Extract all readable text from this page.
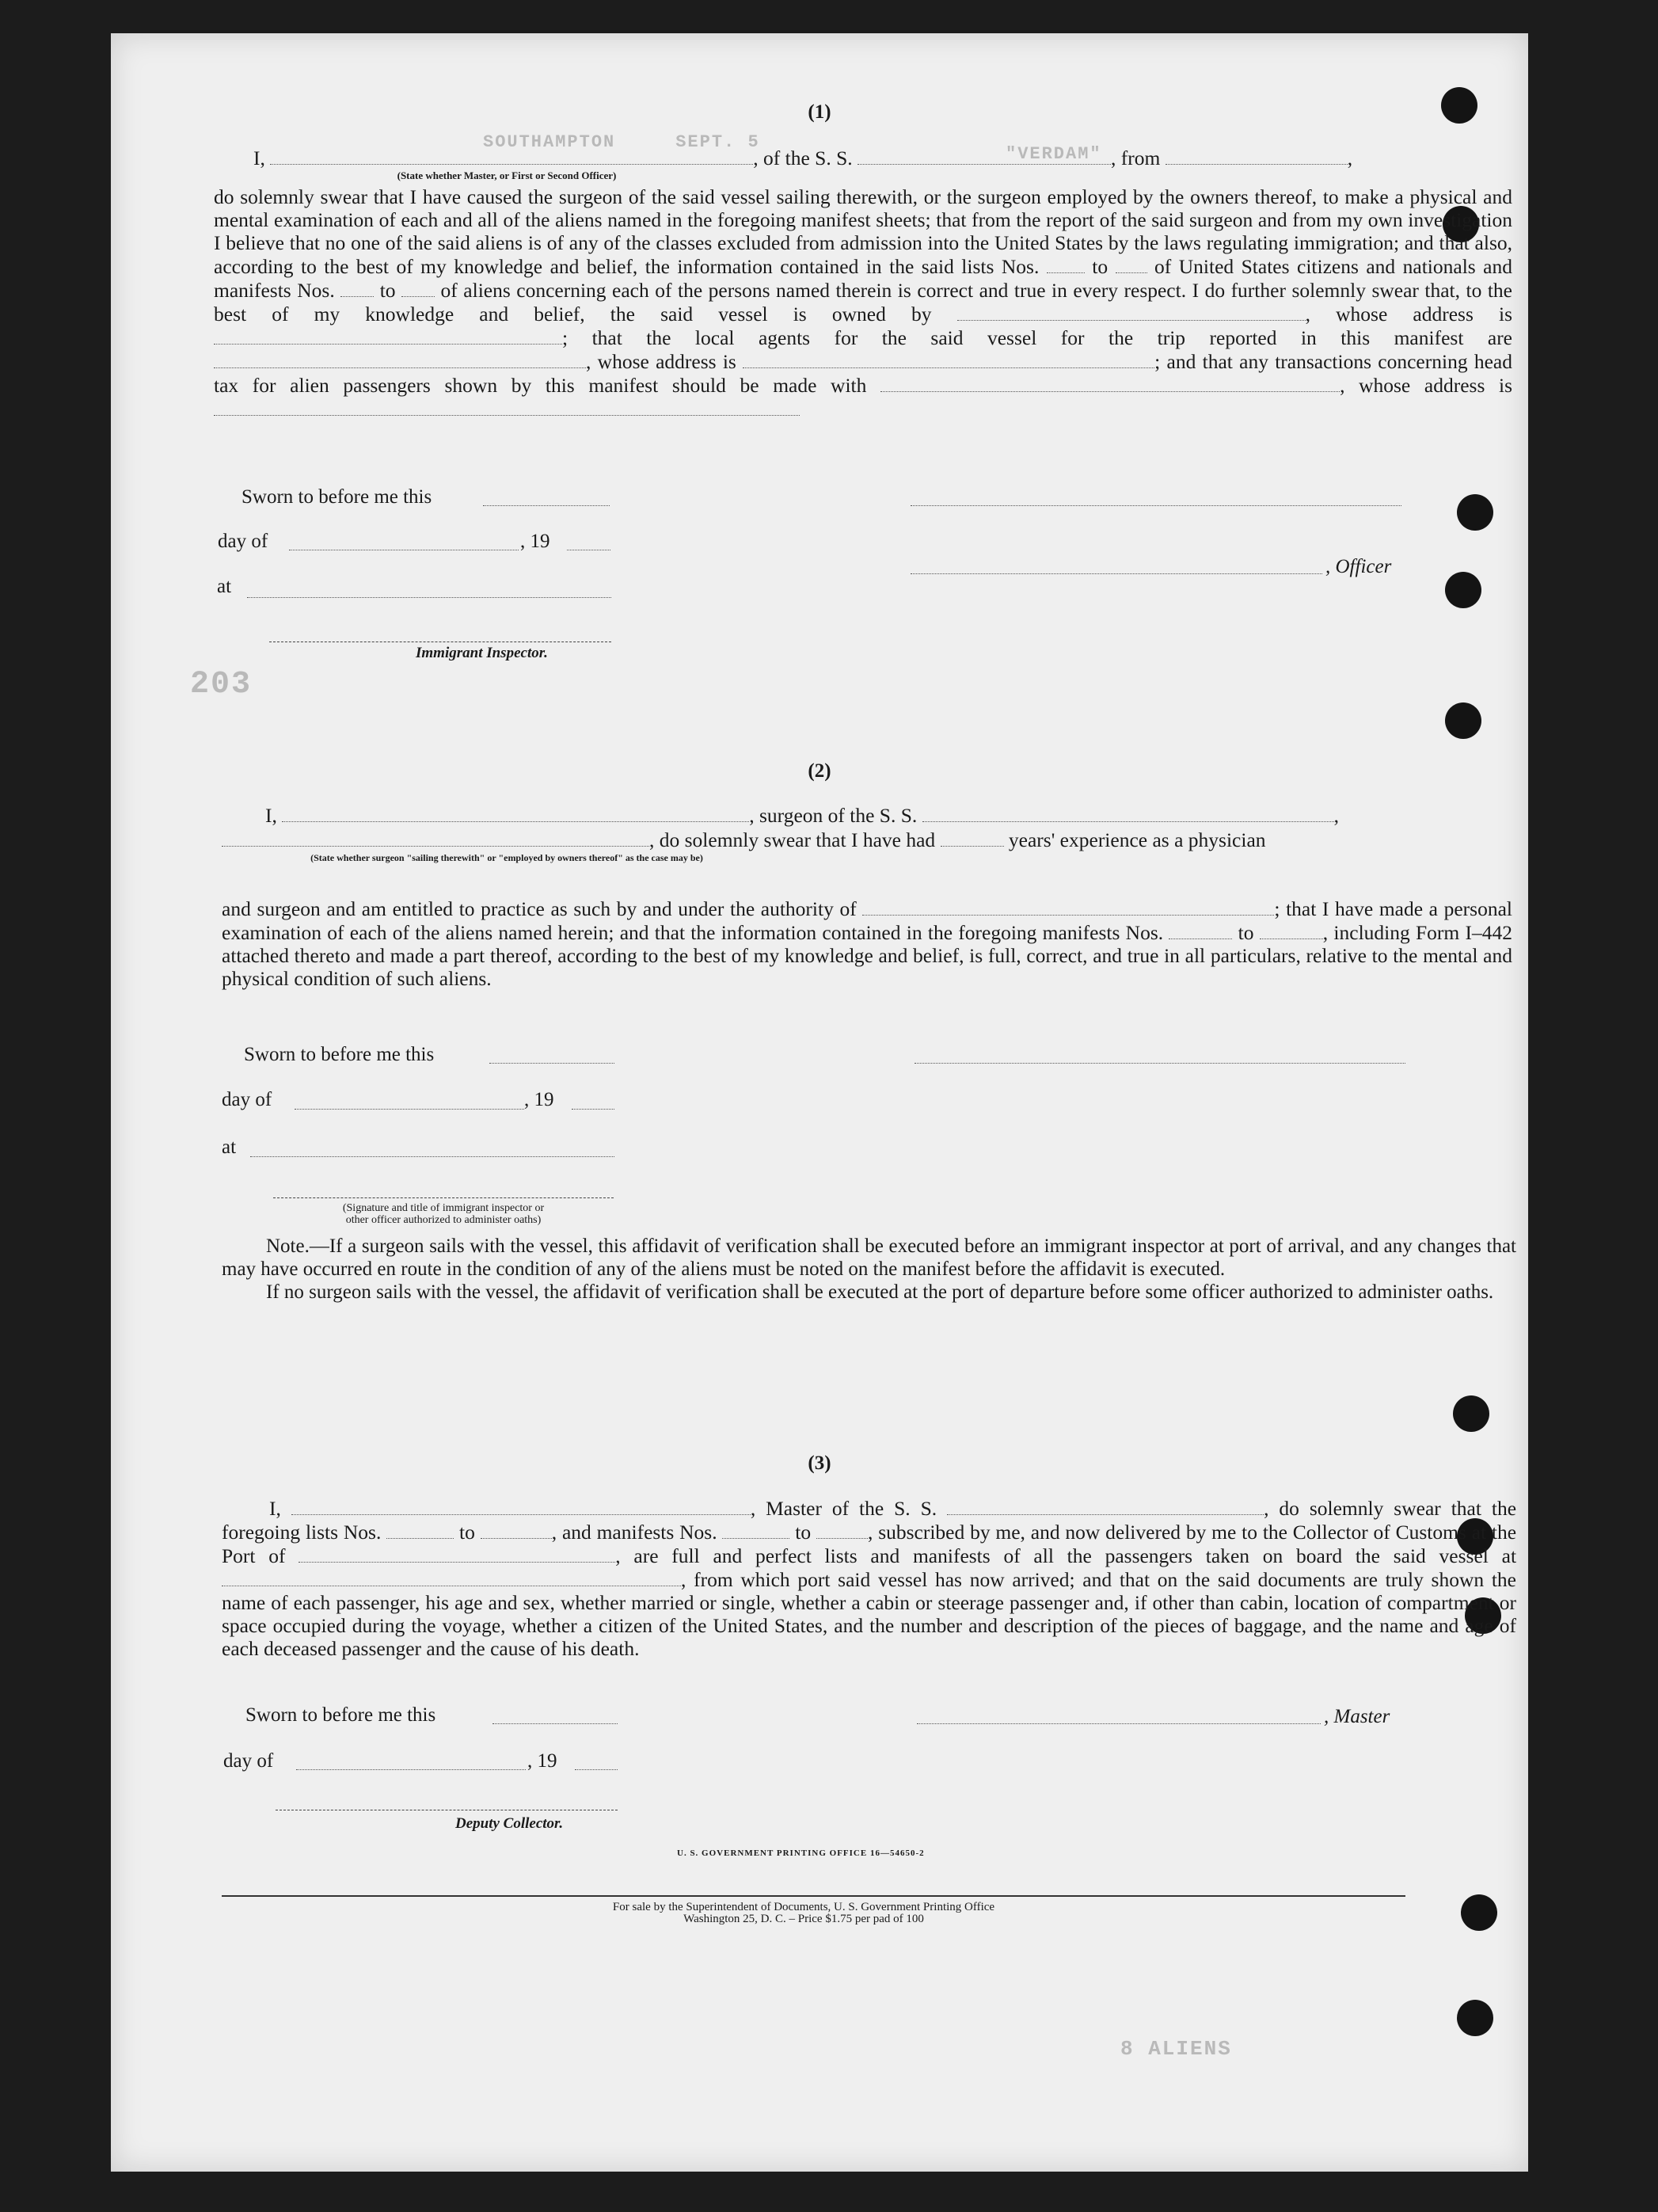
SOUTHAMPTON     SEPT. 5
"VERDAM"
203
8 ALIENS
(1)

I,	, of the S. S.	, from	,

(State whether Master, or First or Second Officer)

do solemnly swear that I have caused the surgeon of the said vessel sailing therewith, or the surgeon employed by the owners thereof, to make a physical and mental examination of each and all of the aliens named in the foregoing manifest sheets; that from the report of the said surgeon and from my own investigation I believe that no one of the said aliens is of any of the classes excluded from admission into the United States by the laws regulating immigration; and that also, according to the best of my knowledge and belief, the information contained in the said lists Nos.	to of United States citizens and nationals and manifests Nos. to of aliens concerning each of the persons named therein is correct and true in every respect. I do further solemnly swear that, to the best of my knowledge and belief, the said vessel is owned by	, whose address is ; that the local agents for the said vessel for the trip reported in this manifest are , whose address is	; and that any transactions concerning head tax for alien passengers shown by this manifest should be made with	, whose address is

Sworn to before me this
day of	, 19
, Officer
at
Immigrant Inspector.
(2)

I,	, surgeon of the S. S.	,

, do solemnly swear that I have had	years' experience as a physician

(State whether surgeon "sailing therewith" or "employed by owners thereof" as the case may be)

and surgeon and am entitled to practice as such by and under the authority of	; that I have made a personal examination of each of the aliens named herein; and that the information contained in the foregoing manifests Nos.	to	, including Form I–442 attached thereto and made a part thereof, according to the best of my knowledge and belief, is full, correct, and true in all particulars, relative to the mental and physical condition of such aliens.

Sworn to before me this
day of	, 19
at
(Signature and title of immigrant inspector or
other officer authorized to administer oaths)

Note.—If a surgeon sails with the vessel, this affidavit of verification shall be executed before an immigrant inspector at port of arrival, and any changes that may have occurred en route in the condition of any of the aliens must be noted on the manifest before the affidavit is executed.

If no surgeon sails with the vessel, the affidavit of verification shall be executed at the port of departure before some officer authorized to administer oaths.

(3)

I,	, Master of the S. S.	, do solemnly swear that the foregoing lists Nos.	to	, and manifests Nos.	to	, subscribed by me, and now delivered by me to the Collector of Customs at the Port of	, are full and perfect lists and manifests of all the passengers taken on board the said vessel at , from which port said vessel has now arrived; and that on the said documents are truly shown the name of each passenger, his age and sex, whether married or single, whether a cabin or steerage passenger and, if other than cabin, location of compartment or space occupied during the voyage, whether a citizen of the United States, and the number and description of the pieces of baggage, and the name and age of each deceased passenger and the cause of his death.

Sworn to before me this	, Master
day of	, 19
Deputy Collector.
U. S. GOVERNMENT PRINTING OFFICE 16—54650-2
For sale by the Superintendent of Documents, U. S. Government Printing Office
Washington 25, D. C. – Price $1.75 per pad of 100
